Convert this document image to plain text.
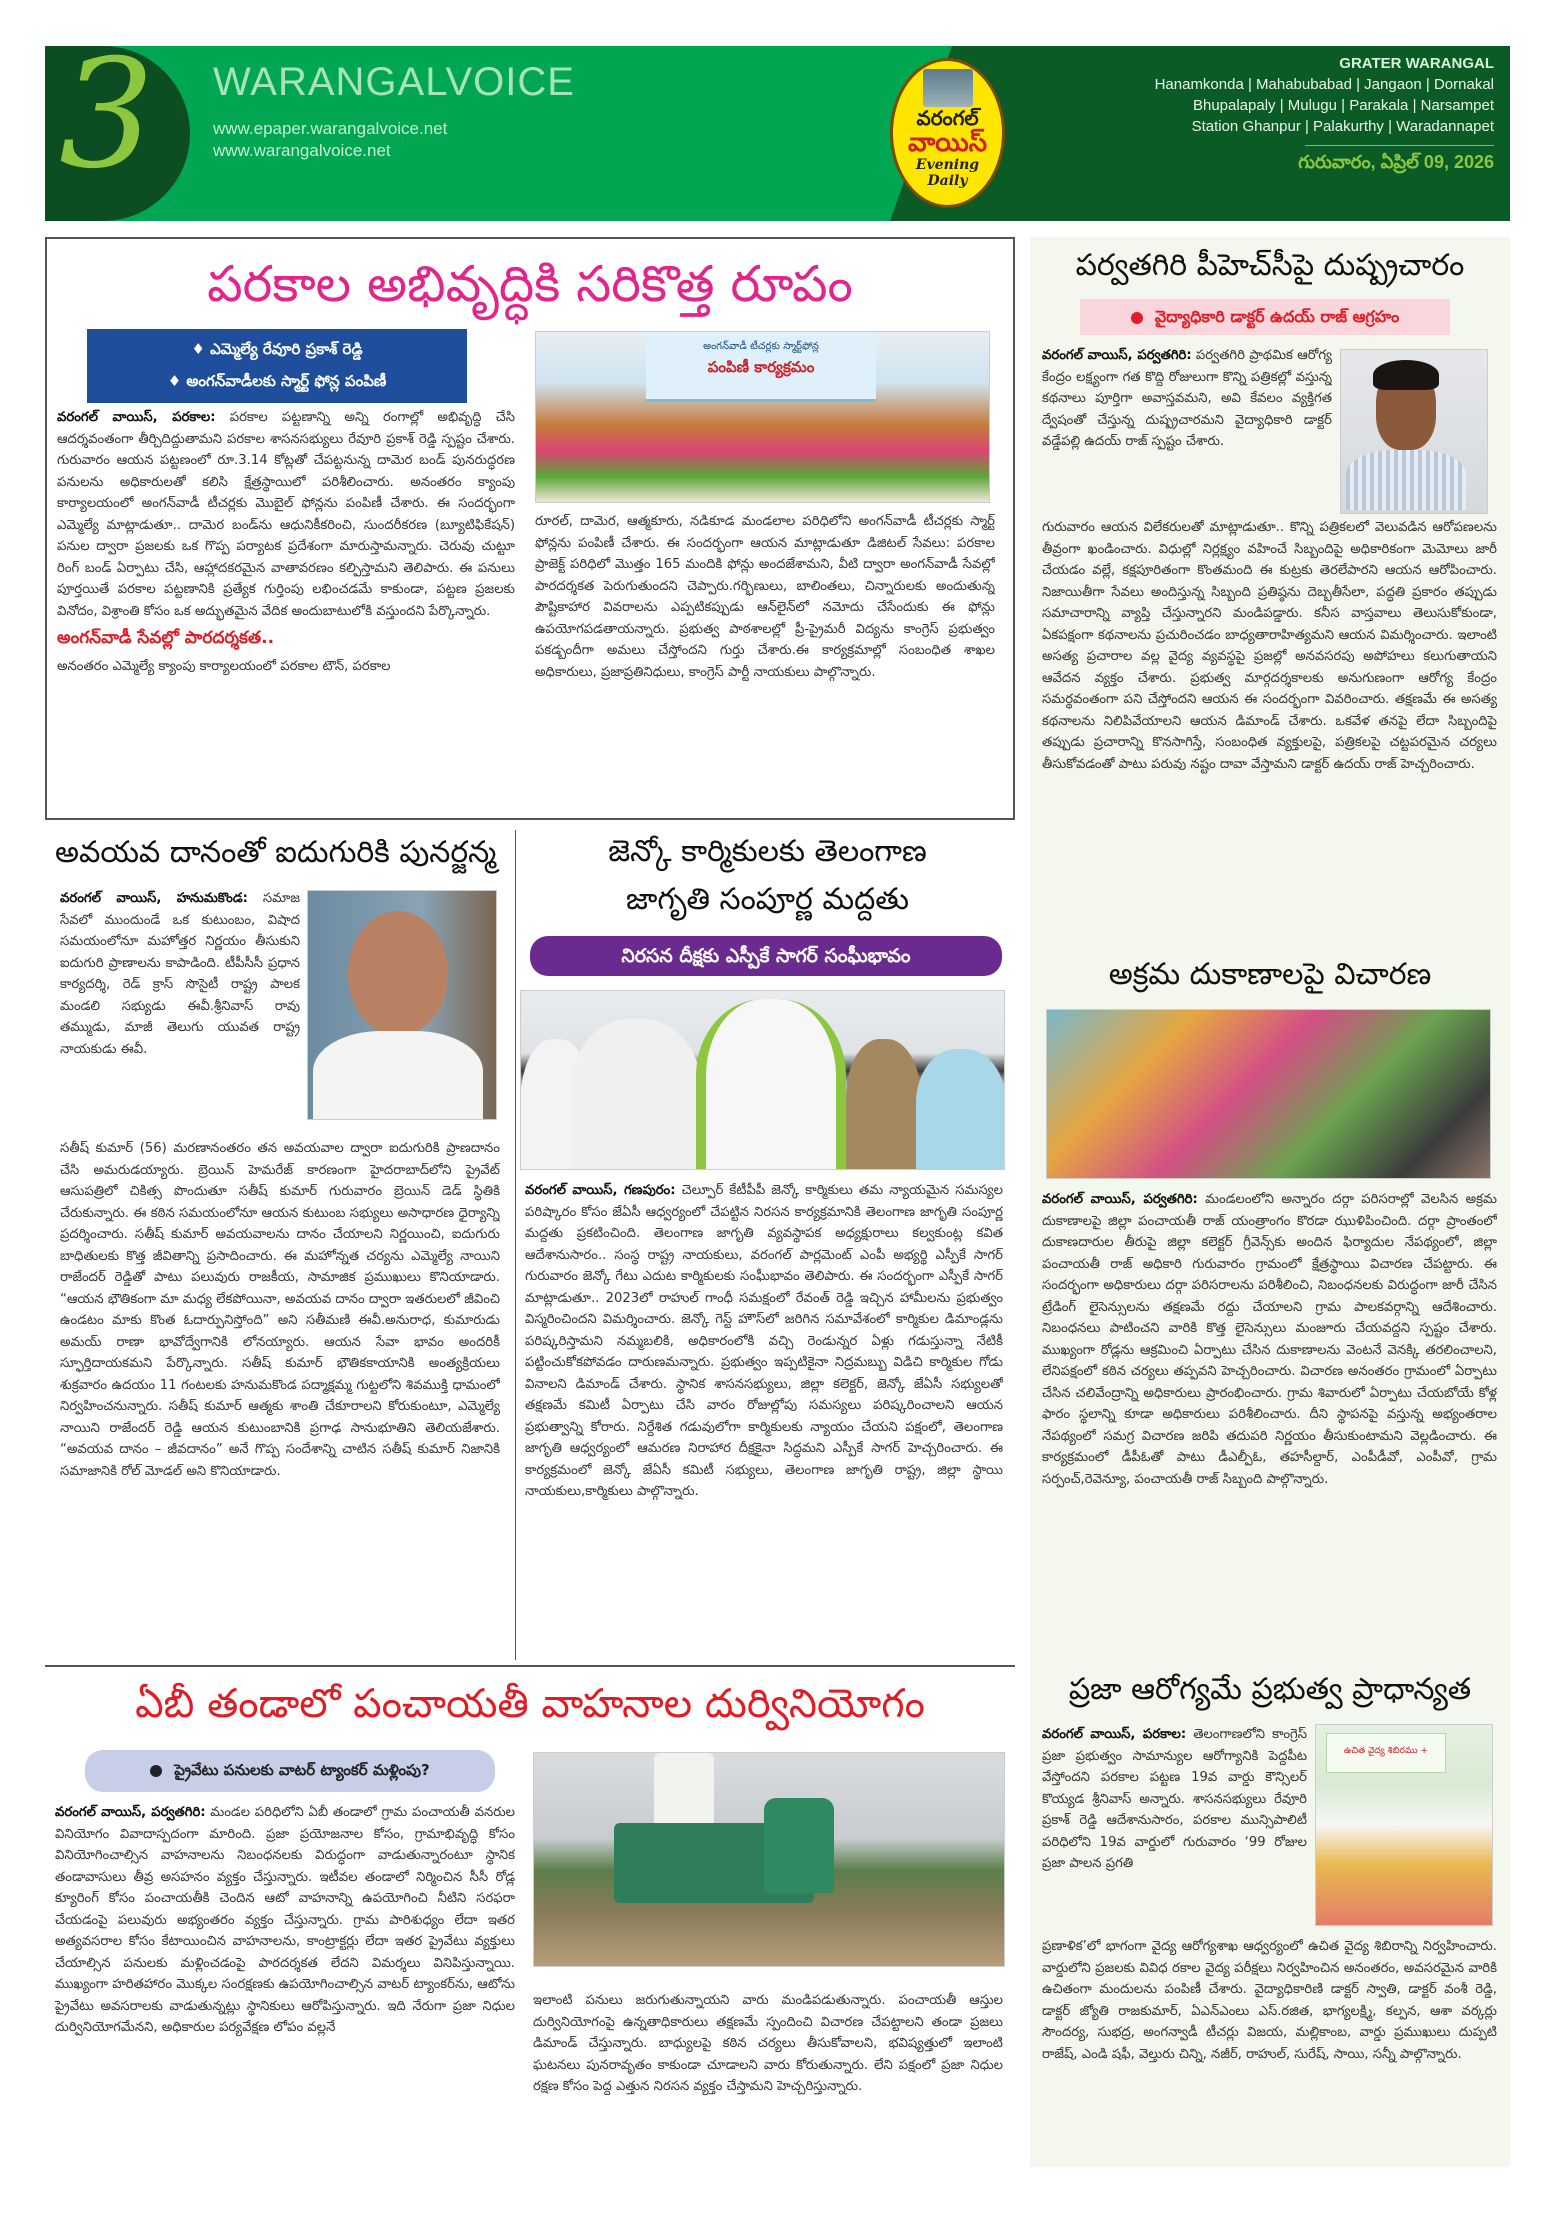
3 WARANGALVOICE
www.epaper.warangalvoice.net
www.warangalvoice.net
వరంగల్
వాయిస్
Evening
Daily
GRATER WARANGAL
Hanamkonda | Mahabubabad | Jangaon | Dornakal
Bhupalapaly | Mulugu | Parakala | Narsampet
Station Ghanpur | Palakurthy | Waradannapet
గురువారం, ఏప్రిల్ 09, 2026
పరకాల అభివృద్ధికి సరికొత్త రూపం
♦ ఎమ్మెల్యే రేవూరి ప్రకాశ్ రెడ్డి
♦ అంగన్‌వాడీలకు స్మార్ట్ ఫోన్ల పంపిణీ
అంగన్‌వాడీ టీచర్లకు స్మార్ట్‌ఫోన్ల
పంపిణీ కార్యక్రమం
వరంగల్ వాయిస్, పరకాల: పరకాల పట్టణాన్ని అన్ని రంగాల్లో అభివృద్ధి చేసి ఆదర్శవంతంగా తీర్చిదిద్దుతామని పరకాల శాసనసభ్యులు రేవూరి ప్రకాశ్ రెడ్డి స్పష్టం చేశారు. గురువారం ఆయన పట్టణంలో రూ.3.14 కోట్లతో చేపట్టనున్న దామెర బండ్ పునరుద్ధరణ పనులను అధికారులతో కలిసి క్షేత్రస్థాయిలో పరిశీలించారు. అనంతరం క్యాంపు కార్యాలయంలో అంగన్‌వాడీ టీచర్లకు మొబైల్ ఫోన్లను పంపిణీ చేశారు. ఈ సందర్భంగా ఎమ్మెల్యే మాట్లాడుతూ.. దామెర బండ్‌ను ఆధునికీకరించి, సుందరీకరణ (బ్యూటిఫికేషన్) పనుల ద్వారా ప్రజలకు ఒక గొప్ప పర్యాటక ప్రదేశంగా మారుస్తామన్నారు. చెరువు చుట్టూ రింగ్ బండ్ ఏర్పాటు చేసి, ఆహ్లాదకరమైన వాతావరణం కల్పిస్తామని తెలిపారు. ఈ పనులు పూర్తయితే పరకాల పట్టణానికి ప్రత్యేక గుర్తింపు లభించడమే కాకుండా, పట్టణ ప్రజలకు వినోదం, విశ్రాంతి కోసం ఒక అద్భుతమైన వేదిక అందుబాటులోకి వస్తుందని పేర్కొన్నారు.
అంగన్‌వాడీ సేవల్లో పారదర్శకత..
అనంతరం ఎమ్మెల్యే క్యాంపు కార్యాలయంలో పరకాల టౌన్, పరకాల
రూరల్, దామెర, ఆత్మకూరు, నడికూడ మండలాల పరిధిలోని అంగన్‌వాడీ టీచర్లకు స్మార్ట్ ఫోన్లను పంపిణీ చేశారు. ఈ సందర్భంగా ఆయన మాట్లాడుతూ డిజిటల్ సేవలు: పరకాల ప్రాజెక్ట్ పరిధిలో మొత్తం 165 మందికి ఫోన్లు అందజేశామని, వీటి ద్వారా అంగన్‌వాడీ సేవల్లో పారదర్శకత పెరుగుతుందని చెప్పారు.గర్భిణులు, బాలింతలు, చిన్నారులకు అందుతున్న పౌష్టికాహార వివరాలను ఎప్పటికప్పుడు ఆన్‌లైన్‌లో నమోదు చేసేందుకు ఈ ఫోన్లు ఉపయోగపడతాయన్నారు. ప్రభుత్వ పాఠశాలల్లో ప్రీ-ప్రైమరీ విద్యను కాంగ్రెస్ ప్రభుత్వం పకడ్బందీగా అమలు చేస్తోందని గుర్తు చేశారు.ఈ కార్యక్రమాల్లో సంబంధిత శాఖల అధికారులు, ప్రజాప్రతినిధులు, కాంగ్రెస్ పార్టీ నాయకులు పాల్గొన్నారు.
అవయవ దానంతో ఐదుగురికి పునర్జన్మ
వరంగల్ వాయిస్, హనుమకొండ: సమాజ సేవలో ముందుండే ఒక కుటుంబం, విషాద సమయంలోనూ మహోత్తర నిర్ణయం తీసుకుని ఐదుగురి ప్రాణాలను కాపాడింది. టీపీసీసీ ప్రధాన కార్యదర్శి, రెడ్ క్రాస్ సొసైటీ రాష్ట్ర పాలక మండలి సభ్యుడు ఈవీ.శ్రీనివాస్ రావు తమ్ముడు, మాజీ తెలుగు యువత రాష్ట్ర నాయకుడు ఈవీ.
సతీష్ కుమార్ (56) మరణానంతరం తన అవయవాల ద్వారా ఐదుగురికి ప్రాణదానం చేసి అమరుడయ్యారు. బ్రెయిన్ హెమరేజ్ కారణంగా హైదరాబాద్‌లోని ప్రైవేట్ ఆసుపత్రిలో చికిత్స పొందుతూ సతీష్ కుమార్ గురువారం బ్రెయిన్ డెడ్ స్థితికి చేరుకున్నారు. ఈ కఠిన సమయంలోనూ ఆయన కుటుంబ సభ్యులు అసాధారణ ధైర్యాన్ని ప్రదర్శించారు. సతీష్ కుమార్ అవయవాలను దానం చేయాలని నిర్ణయించి, ఐదుగురు బాధితులకు కొత్త జీవితాన్ని ప్రసాదించారు. ఈ మహోన్నత చర్యను ఎమ్మెల్యే నాయిని రాజేందర్ రెడ్డితో పాటు పలువురు రాజకీయ, సామాజిక ప్రముఖులు కొనియాడారు. “ఆయన భౌతికంగా మా మధ్య లేకపోయినా, అవయవ దానం ద్వారా ఇతరులలో జీవించి ఉండటం మాకు కొంత ఓదార్పునిస్తోంది” అని సతీమణి ఈవీ.అనురాధ, కుమారుడు అమయ్ రాణా భావోద్వేగానికి లోనయ్యారు. ఆయన సేవా భావం అందరికీ స్ఫూర్తిదాయకమని పేర్కొన్నారు. సతీష్ కుమార్ భౌతికకాయానికి అంత్యక్రియలు శుక్రవారం ఉదయం 11 గంటలకు హనుమకొండ పద్మాక్షమ్మ గుట్టలోని శివముక్తి ధామంలో నిర్వహించనున్నారు. సతీష్ కుమార్ ఆత్మకు శాంతి చేకూరాలని కోరుకుంటూ, ఎమ్మెల్యే నాయిని రాజేందర్ రెడ్డి ఆయన కుటుంబానికి ప్రగాఢ సానుభూతిని తెలియజేశారు. “అవయవ దానం – జీవదానం” అనే గొప్ప సందేశాన్ని చాటిన సతీష్ కుమార్ నిజానికి సమాజానికి రోల్ మోడల్ అని కొనియాడారు.
జెన్కో కార్మికులకు తెలంగాణ
జాగృతి సంపూర్ణ మద్దతు
నిరసన దీక్షకు ఎస్పీకే సాగర్ సంఘీభావం
వరంగల్ వాయిస్, గణపురం: చెల్పూర్ కేటీపీపీ జెన్కో కార్మికులు తమ న్యాయమైన సమస్యల పరిష్కారం కోసం జేఏసీ ఆధ్వర్యంలో చేపట్టిన నిరసన కార్యక్రమానికి తెలంగాణ జాగృతి సంపూర్ణ మద్దతు ప్రకటించింది. తెలంగాణ జాగృతి వ్యవస్థాపక అధ్యక్షురాలు కల్వకుంట్ల కవిత ఆదేశానుసారం.. సంస్థ రాష్ట్ర నాయకులు, వరంగల్ పార్లమెంట్ ఎంపీ అభ్యర్థి ఎస్పీకే సాగర్ గురువారం జెన్కో గేటు ఎదుట కార్మికులకు సంఘీభావం తెలిపారు. ఈ సందర్భంగా ఎస్పీకే సాగర్ మాట్లాడుతూ.. 2023లో రాహుల్ గాంధీ సమక్షంలో రేవంత్ రెడ్డి ఇచ్చిన హామీలను ప్రభుత్వం విస్మరించిందని విమర్శించారు. జెన్కో గెస్ట్ హౌస్‌లో జరిగిన సమావేశంలో కార్మికుల డిమాండ్లను పరిష్కరిస్తామని నమ్మబలికి, అధికారంలోకి వచ్చి రెండున్నర ఏళ్లు గడుస్తున్నా నేటికీ పట్టించుకోకపోవడం దారుణమన్నారు. ప్రభుత్వం ఇప్పటికైనా నిద్రమబ్బు విడిచి కార్మికుల గోడు వినాలని డిమాండ్ చేశారు. స్థానిక శాసనసభ్యులు, జిల్లా కలెక్టర్, జెన్కో జేఏసీ సభ్యులతో తక్షణమే కమిటీ ఏర్పాటు చేసి వారం రోజుల్లోపు సమస్యలు పరిష్కరించాలని ఆయన ప్రభుత్వాన్ని కోరారు. నిర్దేశిత గడువులోగా కార్మికులకు న్యాయం చేయని పక్షంలో, తెలంగాణ జాగృతి ఆధ్వర్యంలో ఆమరణ నిరాహార దీక్షకైనా సిద్ధమని ఎస్పీకే సాగర్ హెచ్చరించారు. ఈ కార్యక్రమంలో జెన్కో జేఏసీ కమిటీ సభ్యులు, తెలంగాణ జాగృతి రాష్ట్ర, జిల్లా స్థాయి నాయకులు,కార్మికులు పాల్గొన్నారు.
ఏబీ తండాలో పంచాయతీ వాహనాల దుర్వినియోగం
ప్రైవేటు పనులకు వాటర్ ట్యాంకర్ మళ్లింపు?
వరంగల్ వాయిస్, పర్వతగిరి: మండల పరిధిలోని ఏబీ తండాలో గ్రామ పంచాయతీ వనరుల వినియోగం వివాదాస్పదంగా మారింది. ప్రజా ప్రయోజనాల కోసం, గ్రామాభివృద్ధి కోసం వినియోగించాల్సిన వాహనాలను నిబంధనలకు విరుద్ధంగా వాడుతున్నారంటూ స్థానిక తండావాసులు తీవ్ర అసహనం వ్యక్తం చేస్తున్నారు. ఇటీవల తండాలో నిర్మించిన సీసీ రోడ్ల క్యూరింగ్ కోసం పంచాయతీకి చెందిన ఆటో వాహనాన్ని ఉపయోగించి నీటిని సరఫరా చేయడంపై పలువురు అభ్యంతరం వ్యక్తం చేస్తున్నారు. గ్రామ పారిశుధ్యం లేదా ఇతర అత్యవసరాల కోసం కేటాయించిన వాహనాలను, కాంట్రాక్టర్లు లేదా ఇతర ప్రైవేటు వ్యక్తులు చేయాల్సిన పనులకు మళ్లించడంపై పారదర్శకత లేదని విమర్శలు వినిపిస్తున్నాయి. ముఖ్యంగా హరితహారం మొక్కల సంరక్షణకు ఉపయోగించాల్సిన వాటర్ ట్యాంకర్‌ను, ఆటోను ప్రైవేటు అవసరాలకు వాడుతున్నట్లు స్థానికులు ఆరోపిస్తున్నారు. ఇది నేరుగా ప్రజా నిధుల దుర్వినియోగమేనని, అధికారుల పర్యవేక్షణ లోపం వల్లనే
ఇలాంటి పనులు జరుగుతున్నాయని వారు మండిపడుతున్నారు. పంచాయతీ ఆస్తుల దుర్వినియోగంపై ఉన్నతాధికారులు తక్షణమే స్పందించి విచారణ చేపట్టాలని తండా ప్రజలు డిమాండ్ చేస్తున్నారు. బాధ్యులపై కఠిన చర్యలు తీసుకోవాలని, భవిష్యత్తులో ఇలాంటి ఘటనలు పునరావృతం కాకుండా చూడాలని వారు కోరుతున్నారు. లేని పక్షంలో ప్రజా నిధుల రక్షణ కోసం పెద్ద ఎత్తున నిరసన వ్యక్తం చేస్తామని హెచ్చరిస్తున్నారు.
పర్వతగిరి పీహెచ్‌సీపై దుష్ప్రచారం
వైద్యాధికారి డాక్టర్ ఉదయ్ రాజ్ ఆగ్రహం
వరంగల్ వాయిస్, పర్వతగిరి: పర్వతగిరి ప్రాథమిక ఆరోగ్య కేంద్రం లక్ష్యంగా గత కొద్ది రోజులుగా కొన్ని పత్రికల్లో వస్తున్న కథనాలు పూర్తిగా అవాస్తవమని, అవి కేవలం వ్యక్తిగత ద్వేషంతో చేస్తున్న దుష్ప్రచారమని వైద్యాధికారి డాక్టర్ వడ్డేపల్లి ఉదయ్ రాజ్ స్పష్టం చేశారు.
గురువారం ఆయన విలేకరులతో మాట్లాడుతూ.. కొన్ని పత్రికలలో వెలువడిన ఆరోపణలను తీవ్రంగా ఖండించారు. విధుల్లో నిర్లక్ష్యం వహించే సిబ్బందిపై అధికారికంగా మెమోలు జారీ చేయడం వల్లే, కక్షపూరితంగా కొంతమంది ఈ కుట్రకు తెరలేపారని ఆయన ఆరోపించారు. నిజాయితీగా సేవలు అందిస్తున్న సిబ్బంది ప్రతిష్ఠను దెబ్బతీసేలా, పద్ధతి ప్రకారం తప్పుడు సమాచారాన్ని వ్యాప్తి చేస్తున్నారని మండిపడ్డారు. కనీస వాస్తవాలు తెలుసుకోకుండా, ఏకపక్షంగా కథనాలను ప్రచురించడం బాధ్యతారాహిత్యమని ఆయన విమర్శించారు. ఇలాంటి అసత్య ప్రచారాల వల్ల వైద్య వ్యవస్థపై ప్రజల్లో అనవసరపు అపోహలు కలుగుతాయని ఆవేదన వ్యక్తం చేశారు. ప్రభుత్వ మార్గదర్శకాలకు అనుగుణంగా ఆరోగ్య కేంద్రం సమర్థవంతంగా పని చేస్తోందని ఆయన ఈ సందర్భంగా వివరించారు. తక్షణమే ఈ అసత్య కథనాలను నిలిపివేయాలని ఆయన డిమాండ్ చేశారు. ఒకవేళ తనపై లేదా సిబ్బందిపై తప్పుడు ప్రచారాన్ని కొనసాగిస్తే, సంబంధిత వ్యక్తులపై, పత్రికలపై చట్టపరమైన చర్యలు తీసుకోవడంతో పాటు పరువు నష్టం దావా వేస్తామని డాక్టర్ ఉదయ్ రాజ్ హెచ్చరించారు.
అక్రమ దుకాణాలపై విచారణ
వరంగల్ వాయిస్, పర్వతగిరి: మండలంలోని అన్నారం దర్గా పరిసరాల్లో వెలసిన అక్రమ దుకాణాలపై జిల్లా పంచాయతీ రాజ్ యంత్రాంగం కొరడా ఝుళిపించింది. దర్గా ప్రాంతంలో దుకాణదారుల తీరుపై జిల్లా కలెక్టర్ గ్రీవెన్స్‌కు అందిన ఫిర్యాదుల నేపథ్యంలో, జిల్లా పంచాయతీ రాజ్ అధికారి గురువారం గ్రామంలో క్షేత్రస్థాయి విచారణ చేపట్టారు. ఈ సందర్భంగా అధికారులు దర్గా పరిసరాలను పరిశీలించి, నిబంధనలకు విరుద్ధంగా జారీ చేసిన ట్రేడింగ్ లైసెన్సులను తక్షణమే రద్దు చేయాలని గ్రామ పాలకవర్గాన్ని ఆదేశించారు. నిబంధనలు పాటించని వారికి కొత్త లైసెన్సులు మంజూరు చేయవద్దని స్పష్టం చేశారు. ముఖ్యంగా రోడ్లను ఆక్రమించి ఏర్పాటు చేసిన దుకాణాలను వెంటనే వెనక్కి తరలించాలని, లేనిపక్షంలో కఠిన చర్యలు తప్పవని హెచ్చరించారు. విచారణ అనంతరం గ్రామంలో ఏర్పాటు చేసిన చలివేంద్రాన్ని అధికారులు ప్రారంభించారు. గ్రామ శివారులో ఏర్పాటు చేయబోయే కోళ్ల ఫారం స్థలాన్ని కూడా అధికారులు పరిశీలించారు. దీని స్థాపనపై వస్తున్న అభ్యంతరాల నేపథ్యంలో సమగ్ర విచారణ జరిపి తదుపరి నిర్ణయం తీసుకుంటామని వెల్లడించారు. ఈ కార్యక్రమంలో డీపీఓతో పాటు డీఎల్పీఓ, తహసీల్దార్, ఎంపీడీవో, ఎంపీవో, గ్రామ సర్పంచ్,రెవెన్యూ, పంచాయతీ రాజ్ సిబ్బంది పాల్గొన్నారు.
ప్రజా ఆరోగ్యమే ప్రభుత్వ ప్రాధాన్యత
ఉచిత వైద్య శిబిరము +
వరంగల్ వాయిస్, పరకాల: తెలంగాణలోని కాంగ్రెస్ ప్రజా ప్రభుత్వం సామాన్యుల ఆరోగ్యానికి పెద్దపీట వేస్తోందని పరకాల పట్టణ 19వ వార్డు కౌన్సిలర్ కొయ్యడ శ్రీనివాస్ అన్నారు. శాసనసభ్యులు రేవూరి ప్రకాశ్ రెడ్డి ఆదేశానుసారం, పరకాల మున్సిపాలిటీ పరిధిలోని 19వ వార్డులో గురువారం ‘99 రోజుల ప్రజా పాలన ప్రగతి
ప్రణాళిక’లో భాగంగా వైద్య ఆరోగ్యశాఖ ఆధ్వర్యంలో ఉచిత వైద్య శిబిరాన్ని నిర్వహించారు. వార్డులోని ప్రజలకు వివిధ రకాల వైద్య పరీక్షలు నిర్వహించిన అనంతరం, అవసరమైన వారికి ఉచితంగా మందులను పంపిణీ చేశారు. వైద్యాధికారిణి డాక్టర్ స్వాతి, డాక్టర్ వంశీ రెడ్డి, డాక్టర్ జ్యోతి రాజకుమార్, ఏఎన్ఎంలు ఎస్.రజిత, భాగ్యలక్ష్మి, కల్పన, ఆశా వర్కర్లు సౌందర్య, సుభద్ర, అంగన్వాడీ టీచర్లు విజయ, మల్లికాంబ, వార్డు ప్రముఖులు దుప్పటి రాజేష్, ఎండి షఫీ, వెల్తురు చిన్ని, నజీర్, రాహుల్, సురేష్, సాయి, సన్నీ పాల్గొన్నారు.
